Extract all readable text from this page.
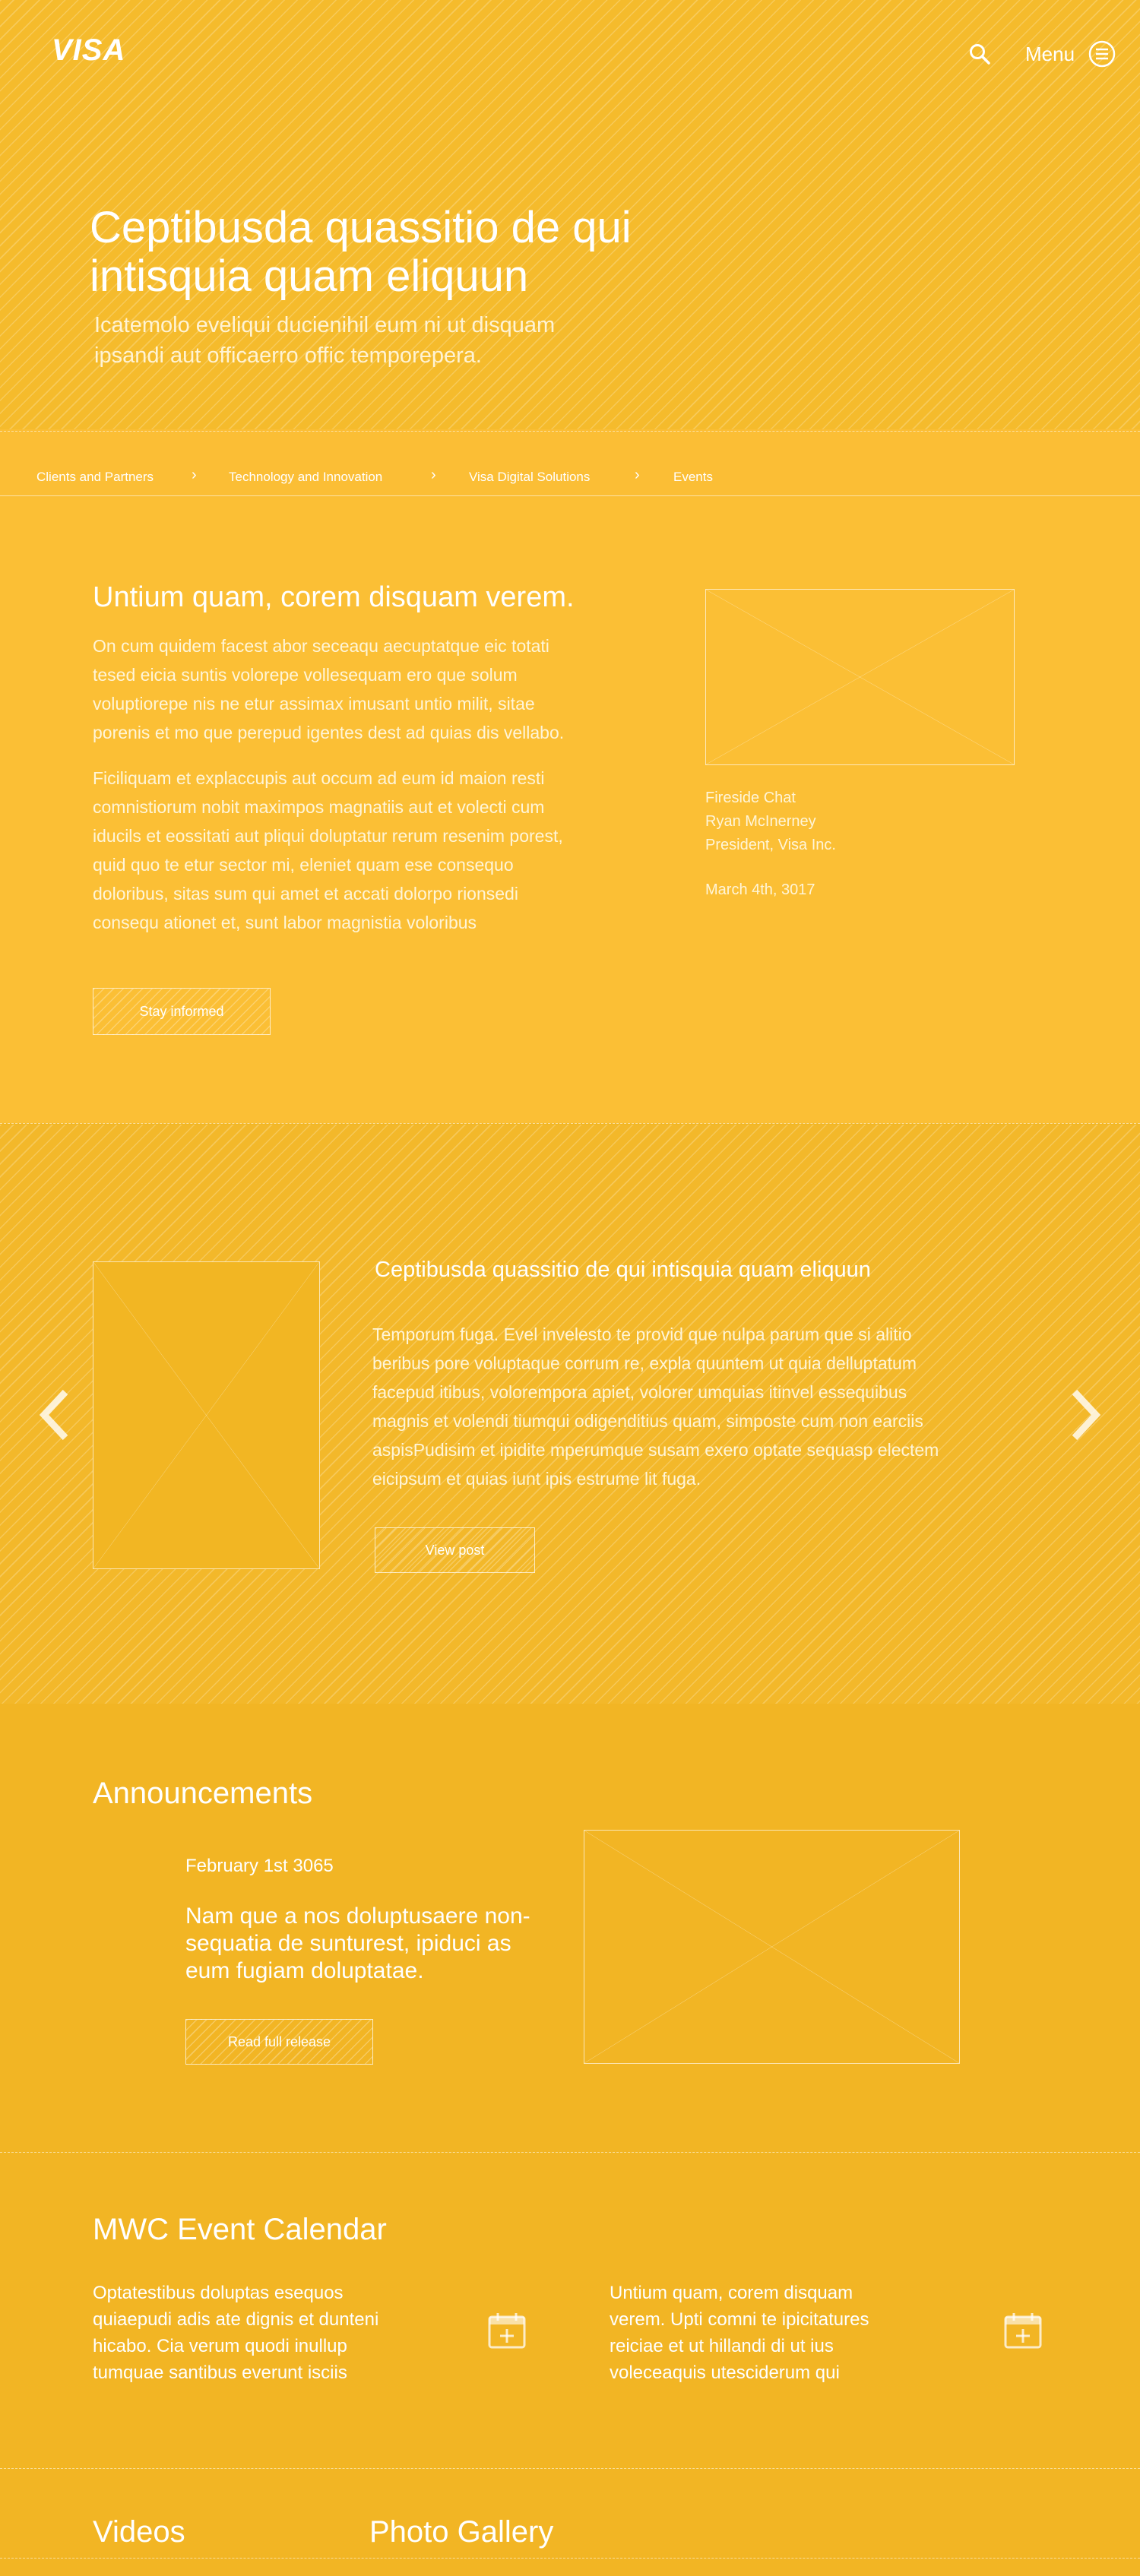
VISA	Menu
Ceptibusda quassitio de qui
intisquia quam eliquun
Icatemolo eveliqui ducienihil eum ni ut disquam
ipsandi aut officaerro offic temporepera.
Clients and Partners › Technology and Innovation	›	Visa Digital Solutions	›	Events
Untium quam, corem disquam verem.
On cum quidem facest abor seceaqu aecuptatque eic totati
tesed eicia suntis volorepe vollesequam ero que solum
voluptiorepe nis ne etur assimax imusant untio milit, sitae
porenis et mo que perepud igentes dest ad quias dis vellabo.
Ficiliquam et explaccupis aut occum ad eum id maion resti
comnistiorum nobit maximpos magnatiis aut et volecti cum
iducils et eossitati aut pliqui doluptatur rerum resenim porest,
quid quo te etur sector mi, eleniet quam ese consequo
doloribus, sitas sum qui amet et accati dolorpo rionsedi
consequ ationet et, sunt labor magnistia voloribus
Stay informed
Fireside Chat
Ryan McInerney
President, Visa Inc.
March 4th, 3017
Ceptibusda quassitio de qui intisquia quam eliquun
Temporum fuga. Evel invelesto te provid que nulpa parum que si alitio
beribus pore voluptaque corrum re, expla quuntem ut quia delluptatum
facepud itibus, volorempora apiet, volorer umquias itinvel essequibus
magnis et volendi tiumqui odigenditius quam, simposte cum non earciis
aspisPudisim et ipidite mperumque susam exero optate sequasp electem
eicipsum et quias iunt ipis estrume lit fuga.
View post
Announcements
February 1st 3065
Nam que a nos doluptusaere non-
sequatia de sunturest, ipiduci as
eum fugiam doluptatae.
Read full release
MWC Event Calendar
Optatestibus doluptas esequos
quiaepudi adis ate dignis et dunteni
hicabo. Cia verum quodi inullup
tumquae santibus everunt isciis
Untium quam, corem disquam
verem. Upti comni te ipicitatures
reiciae et ut hillandi di ut ius
voleceaquis utesciderum qui
Videos	Photo Gallery
